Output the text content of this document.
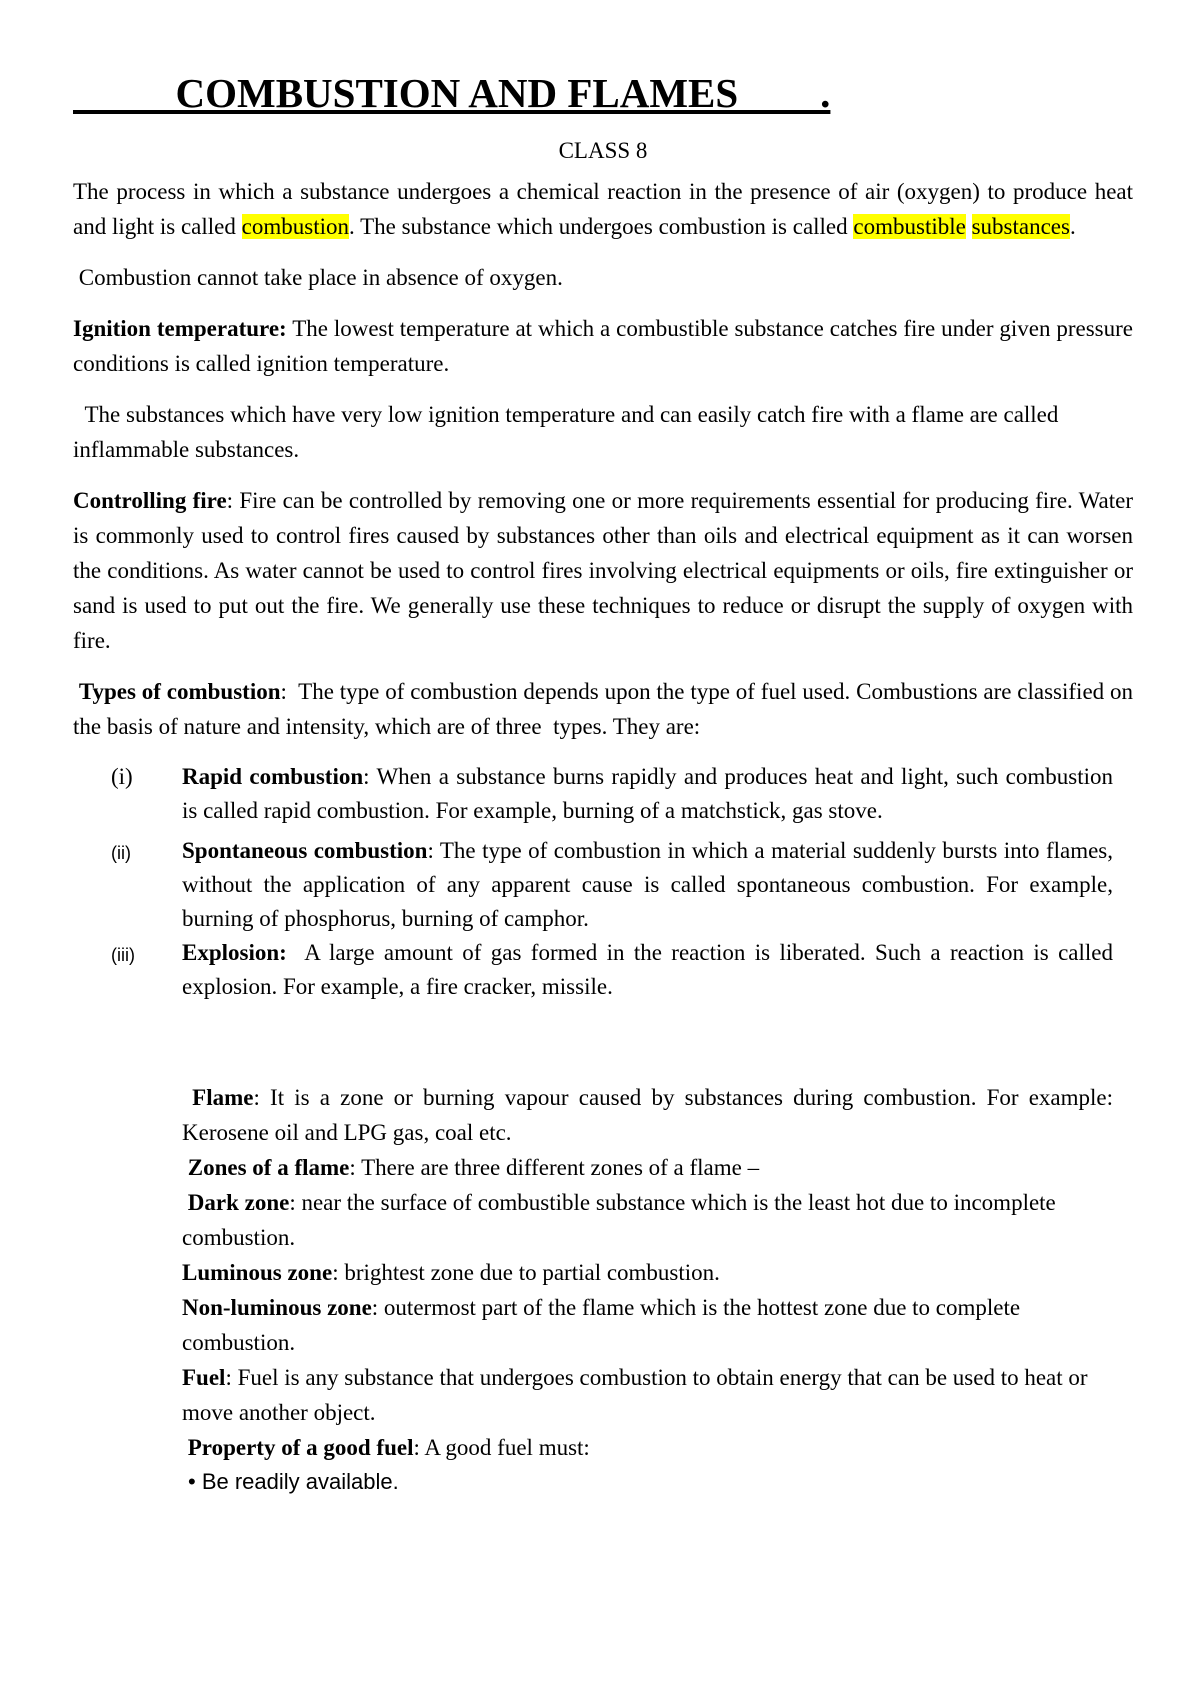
COMBUSTION AND FLAMES        .
CLASS 8

The process in which a substance undergoes a chemical reaction in the presence of air (oxygen) to produce heat and light is called combustion. The substance which undergoes combustion is called combustible substances.

Combustion cannot take place in absence of oxygen.

Ignition temperature: The lowest temperature at which a combustible substance catches fire under given pressure conditions is called ignition temperature.

The substances which have very low ignition temperature and can easily catch fire with a flame are called inflammable substances.

Controlling fire: Fire can be controlled by removing one or more requirements essential for producing fire. Water is commonly used to control fires caused by substances other than oils and electrical equipment as it can worsen the conditions. As water cannot be used to control fires involving electrical equipments or oils, fire extinguisher or sand is used to put out the fire. We generally use these techniques to reduce or disrupt the supply of oxygen with fire.

Types of combustion:  The type of combustion depends upon the type of fuel used. Combustions are classified on the basis of nature and intensity, which are of three  types. They are:

(i)	Rapid combustion: When a substance burns rapidly and produces heat and light, such combustion is called rapid combustion. For example, burning of a matchstick, gas stove.
(ii)	Spontaneous combustion: The type of combustion in which a material suddenly bursts into flames, without the application of any apparent cause is called spontaneous combustion. For example, burning of phosphorus, burning of camphor.
(iii)	Explosion:  A large amount of gas formed in the reaction is liberated. Such a reaction is called explosion. For example, a fire cracker, missile.
Flame: It is a zone or burning vapour caused by substances during combustion. For example: Kerosene oil and LPG gas, coal etc.
Zones of a flame: There are three different zones of a flame –
Dark zone: near the surface of combustible substance which is the least hot due to incomplete combustion.
Luminous zone: brightest zone due to partial combustion.
Non-luminous zone: outermost part of the flame which is the hottest zone due to complete combustion.
Fuel: Fuel is any substance that undergoes combustion to obtain energy that can be used to heat or move another object.
Property of a good fuel: A good fuel must:
• Be readily available.
